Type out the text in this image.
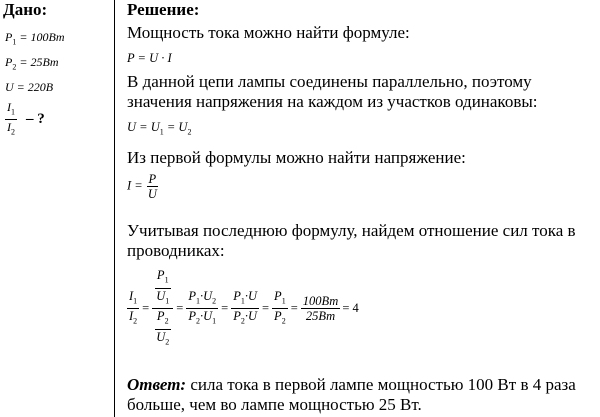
Дано:
$P_1 = 100Вт$
$P_2 = 25Вт$
U = 220В
$\frac{I_1}{I_2}$ – ?
Решение:
Мощность тока можно найти формуле:
P = U · I
В данной цепи лампы соединены параллельно, поэтому значения напряжения на каждом из участков одинаковы:
$U = U_1 = U_2$
Из первой формулы можно найти напряжение:
$I = \frac{P}{U}$
Учитывая последнюю формулу, найдем отношение сил тока в проводниках:
$\frac{I_1}{I_2} = \frac{\frac{P_1}{U_1}}{\frac{P_2}{U_2}} = \frac{P_1\cdot U_2}{P_2\cdot U_1} = \frac{P_1\cdot U}{P_2\cdot U} = \frac{P_1}{P_2} = \frac{100Вт}{25Вт} = 4$
Ответ: сила тока в первой лампе мощностью 100 Вт в 4 раза больше, чем во лампе мощностью 25 Вт.
